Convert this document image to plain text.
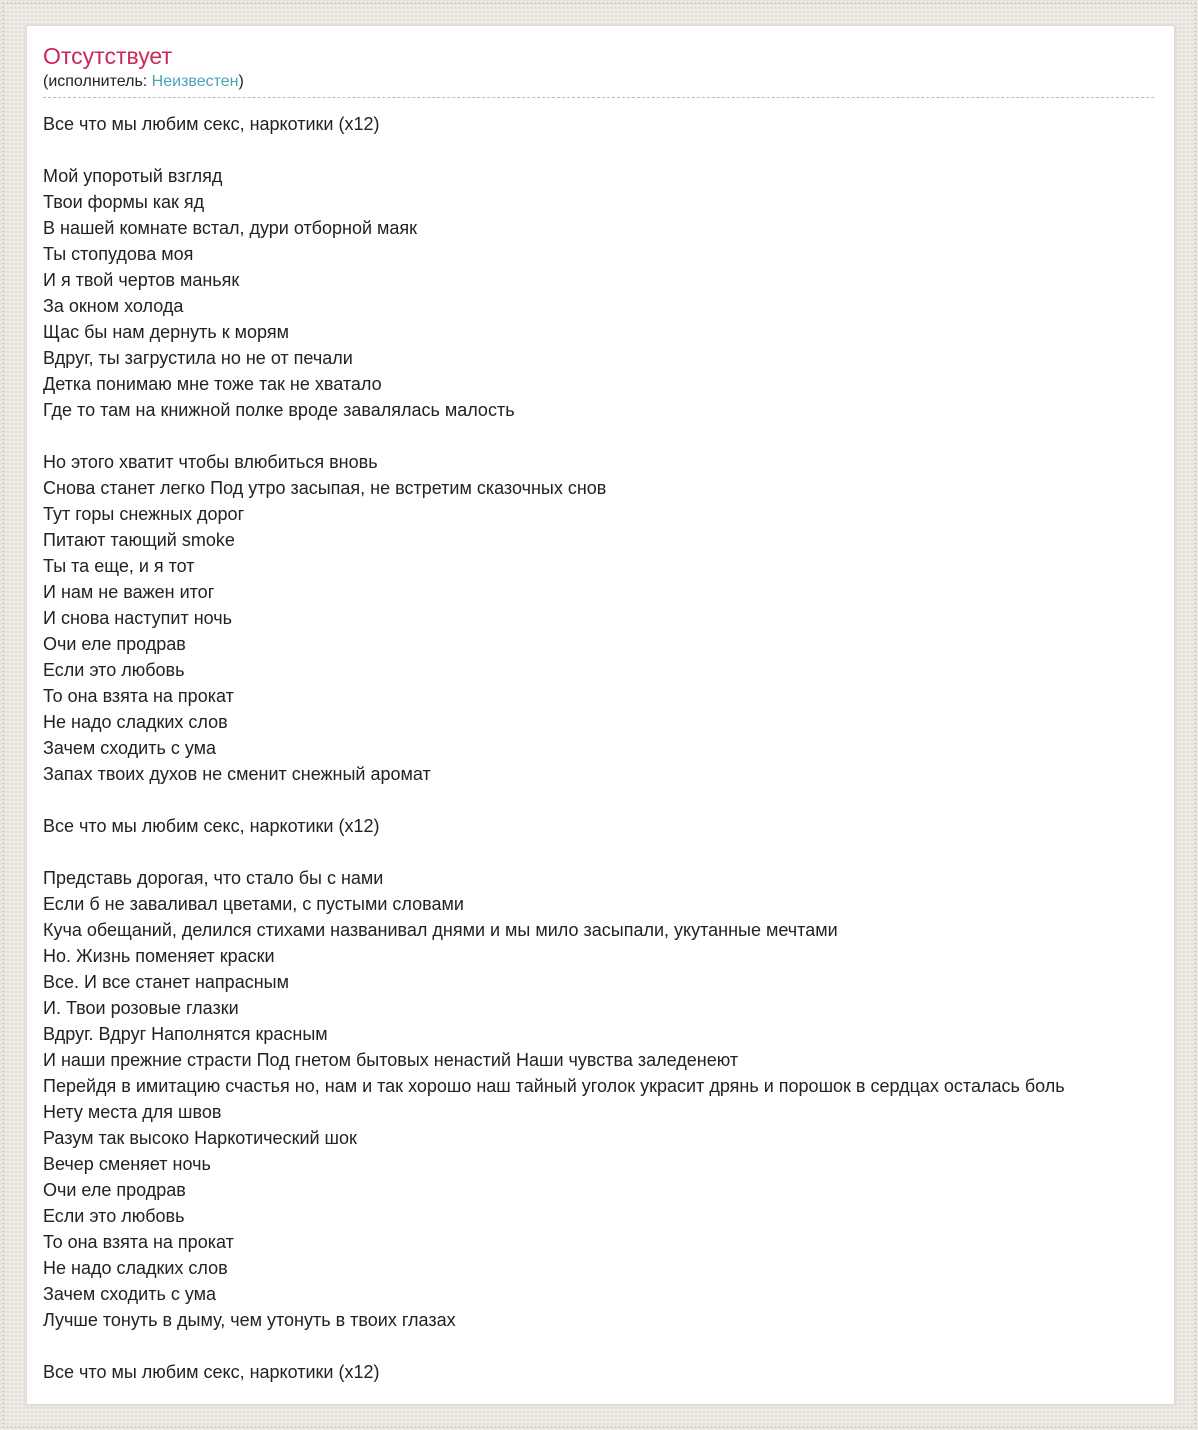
Отсутствует
(исполнитель: Неизвестен)
Все что мы любим секс, наркотики (х12)
Мой упоротый взгляд
Твои формы как яд
В нашей комнате встал, дури отборной маяк
Ты стопудова моя
И я твой чертов маньяк
За окном холода
Щас бы нам дернуть к морям
Вдруг, ты загрустила но не от печали
Детка понимаю мне тоже так не хватало
Где то там на книжной полке вроде завалялась малость
Но этого хватит чтобы влюбиться вновь
Снова станет легко Под утро засыпая, не встретим сказочных снов
Тут горы снежных дорог
Питают тающий smoke
Ты та еще, и я тот
И нам не важен итог
И снова наступит ночь
Очи еле продрав
Если это любовь
То она взята на прокат
Не надо сладких слов
Зачем сходить с ума
Запах твоих духов не сменит снежный аромат
Все что мы любим секс, наркотики (х12)
Представь дорогая, что стало бы с нами
Если б не заваливал цветами, с пустыми словами
Куча обещаний, делился стихами названивал днями и мы мило засыпали, укутанные мечтами
Но. Жизнь поменяет краски
Все. И все станет напрасным
И. Твои розовые глазки
Вдруг. Вдруг Наполнятся красным
И наши прежние страсти Под гнетом бытовых ненастий Наши чувства заледенеют
Перейдя в имитацию счастья но, нам и так хорошо наш тайный уголок украсит дрянь и порошок в сердцах осталась боль
Нету места для швов
Разум так высоко Наркотический шок
Вечер сменяет ночь
Очи еле продрав
Если это любовь
То она взята на прокат
Не надо сладких слов
Зачем сходить с ума
Лучше тонуть в дыму, чем утонуть в твоих глазах
Все что мы любим секс, наркотики (х12)
